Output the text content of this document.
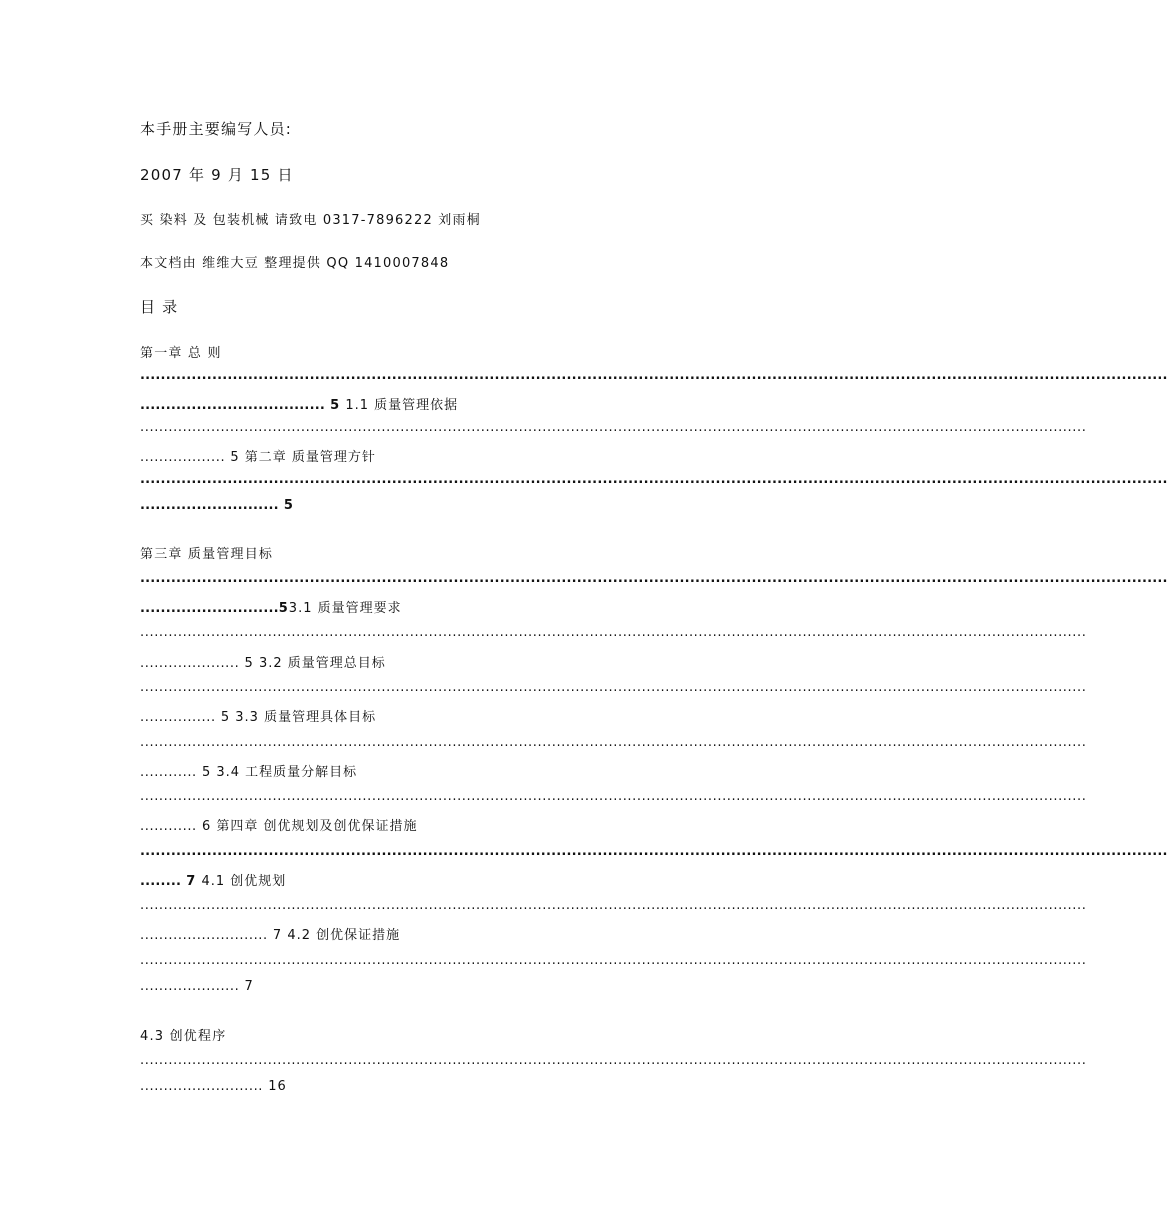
本手册主要编写人员:
2007 年 9 月 15 日
买 染料 及 包装机械 请致电 0317-7896222 刘雨桐
本文档由 维维大豆 整理提供 QQ 1410007848
目 录
第一章 总 则
........................................................................................................................................................................................................
.................................... 5 1.1 质量管理依据
........................................................................................................................................................................................................
.................. 5 第二章 质量管理方针
........................................................................................................................................................................................................
........................... 5
第三章 质量管理目标
........................................................................................................................................................................................................
...........................53.1 质量管理要求
........................................................................................................................................................................................................
..................... 5 3.2 质量管理总目标
........................................................................................................................................................................................................
................ 5 3.3 质量管理具体目标
........................................................................................................................................................................................................
............ 5 3.4 工程质量分解目标
........................................................................................................................................................................................................
............ 6 第四章 创优规划及创优保证措施
........................................................................................................................................................................................................
........ 7 4.1 创优规划
........................................................................................................................................................................................................
........................... 7 4.2 创优保证措施
........................................................................................................................................................................................................
..................... 7
4.3 创优程序
........................................................................................................................................................................................................
.......................... 16
